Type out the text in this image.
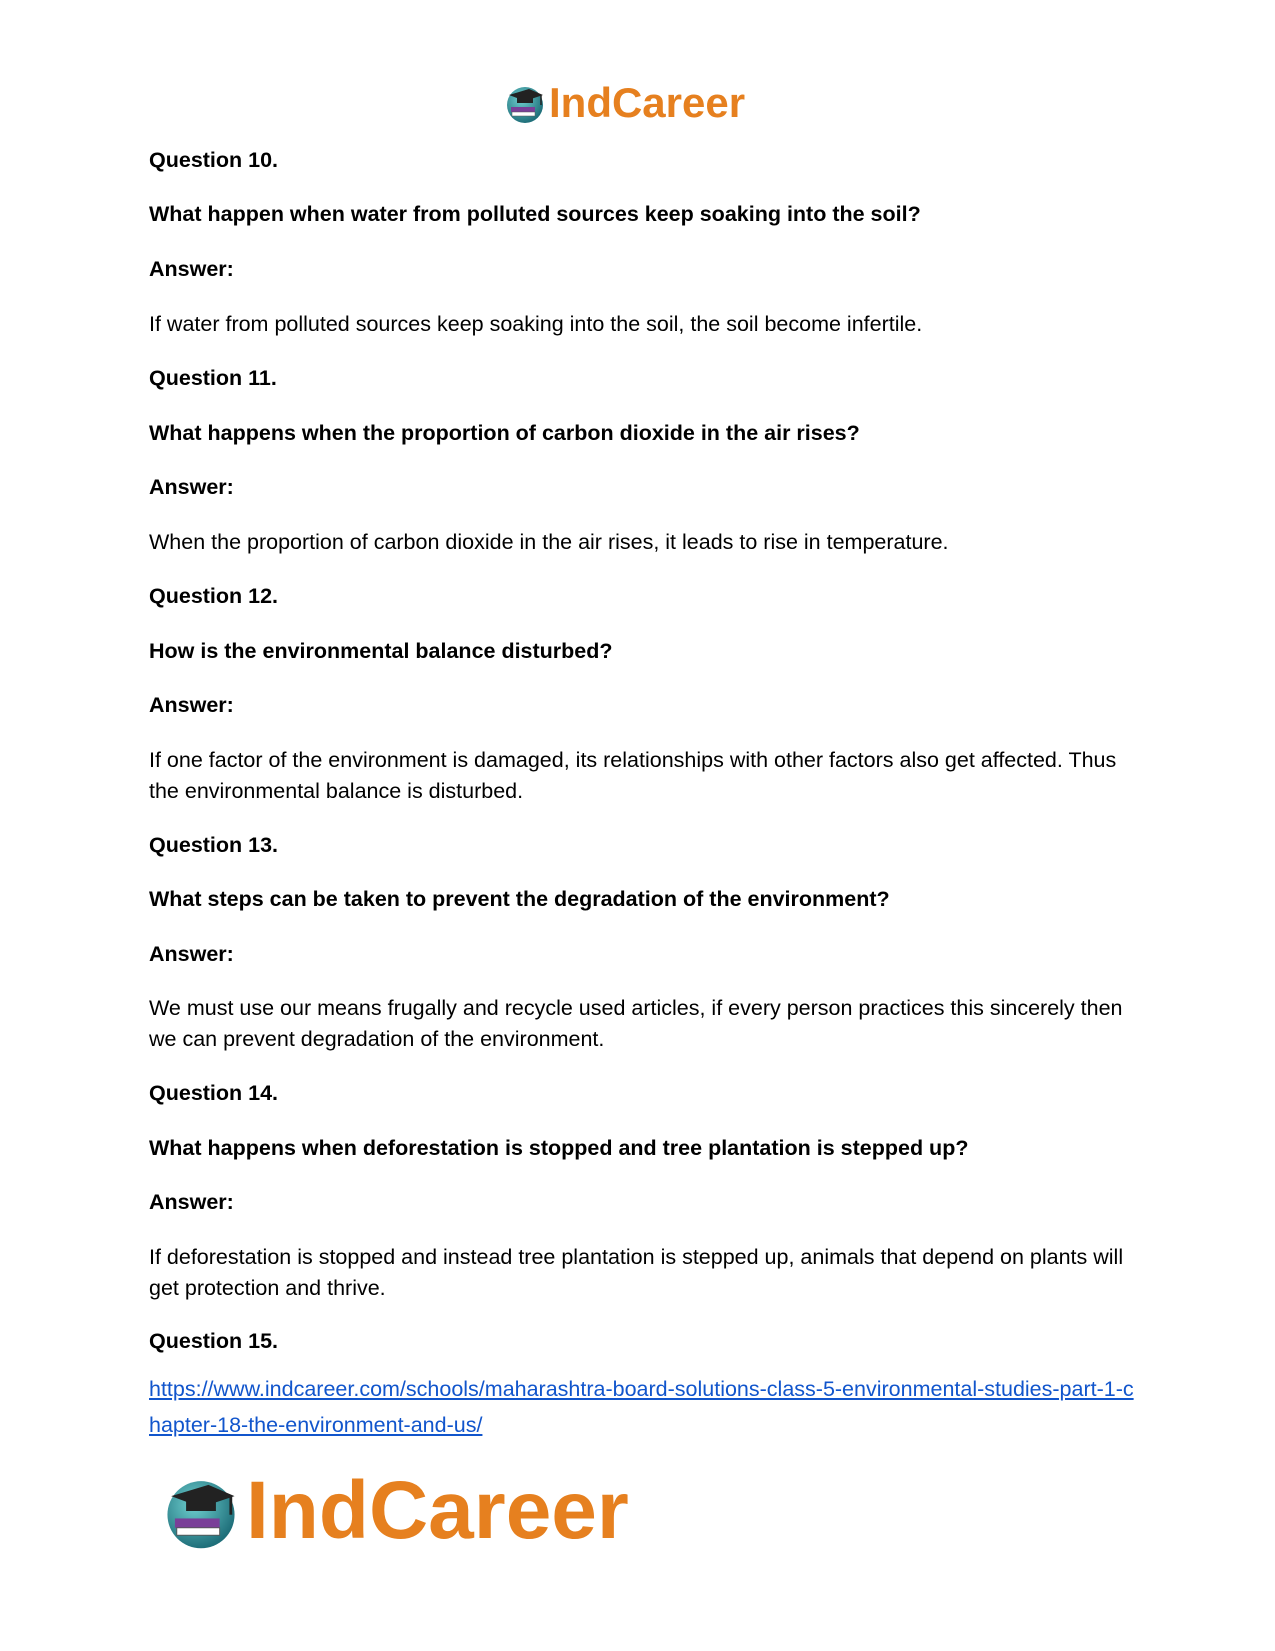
IndCareer

Question 10.

What happen when water from polluted sources keep soaking into the soil?

Answer:

If water from polluted sources keep soaking into the soil, the soil become infertile.

Question 11.

What happens when the proportion of carbon dioxide in the air rises?

Answer:

When the proportion of carbon dioxide in the air rises, it leads to rise in temperature.

Question 12.

How is the environmental balance disturbed?

Answer:

If one factor of the environment is damaged, its relationships with other factors also get affected. Thus the environmental balance is disturbed.

Question 13.

What steps can be taken to prevent the degradation of the environment?

Answer:

We must use our means frugally and recycle used articles, if every person practices this sincerely then we can prevent degradation of the environment.

Question 14.

What happens when deforestation is stopped and tree plantation is stepped up?

Answer:

If deforestation is stopped and instead tree plantation is stepped up, animals that depend on plants will get protection and thrive.

Question 15.

https://www.indcareer.com/schools/maharashtra-board-solutions-class-5-environmental-studies-part-1-chapter-18-the-environment-and-us/
IndCareer
